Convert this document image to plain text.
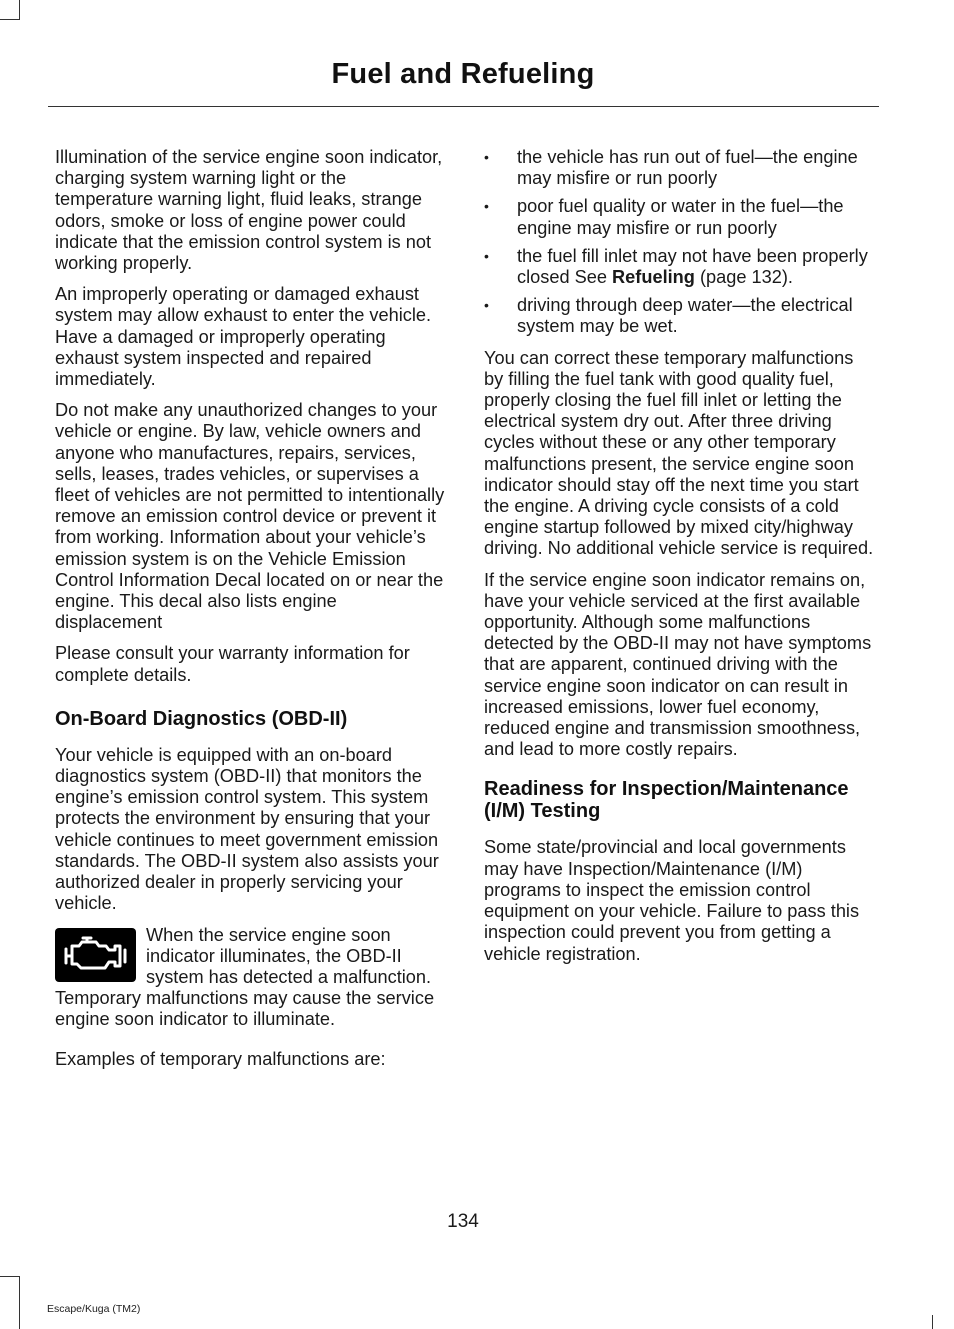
Fuel and Refueling

Illumination of the service engine soon indicator, charging system warning light or the temperature warning light, fluid leaks, strange odors, smoke or loss of engine power could indicate that the emission control system is not working properly.

An improperly operating or damaged exhaust system may allow exhaust to enter the vehicle. Have a damaged or improperly operating exhaust system inspected and repaired immediately.

Do not make any unauthorized changes to your vehicle or engine. By law, vehicle owners and anyone who manufactures, repairs, services, sells, leases, trades vehicles, or supervises a fleet of vehicles are not permitted to intentionally remove an emission control device or prevent it from working. Information about your vehicle’s emission system is on the Vehicle Emission Control Information Decal located on or near the engine. This decal also lists engine displacement

Please consult your warranty information for complete details.

On-Board Diagnostics (OBD-II)

Your vehicle is equipped with an on-board diagnostics system (OBD-II) that monitors the engine’s emission control system. This system protects the environment by ensuring that your vehicle continues to meet government emission standards. The OBD-II system also assists your authorized dealer in properly servicing your vehicle.

When the service engine soon indicator illuminates, the OBD-II system has detected a malfunction. Temporary malfunctions may cause the service engine soon indicator to illuminate.

Examples of temporary malfunctions are:

• the vehicle has run out of fuel—the engine may misfire or run poorly
• poor fuel quality or water in the fuel—the engine may misfire or run poorly
• the fuel fill inlet may not have been properly closed See Refueling (page 132).
• driving through deep water—the electrical system may be wet.

You can correct these temporary malfunctions by filling the fuel tank with good quality fuel, properly closing the fuel fill inlet or letting the electrical system dry out. After three driving cycles without these or any other temporary malfunctions present, the service engine soon indicator should stay off the next time you start the engine. A driving cycle consists of a cold engine startup followed by mixed city/highway driving. No additional vehicle service is required.

If the service engine soon indicator remains on, have your vehicle serviced at the first available opportunity. Although some malfunctions detected by the OBD-II may not have symptoms that are apparent, continued driving with the service engine soon indicator on can result in increased emissions, lower fuel economy, reduced engine and transmission smoothness, and lead to more costly repairs.

Readiness for Inspection/Maintenance (I/M) Testing

Some state/provincial and local governments may have Inspection/Maintenance (I/M) programs to inspect the emission control equipment on your vehicle. Failure to pass this inspection could prevent you from getting a vehicle registration.

134
Escape/Kuga (TM2)
